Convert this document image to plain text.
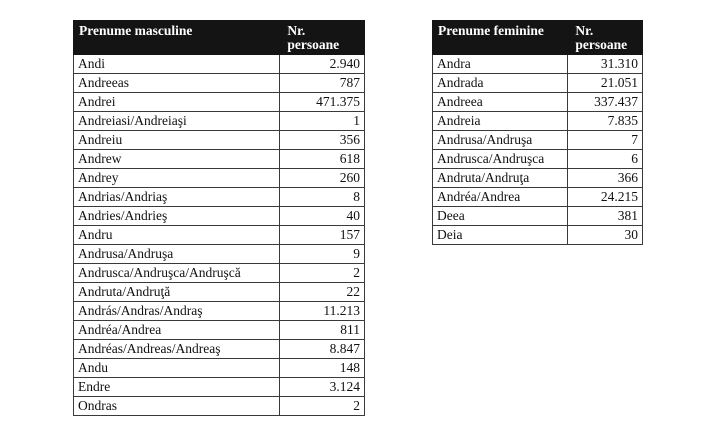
Prenume masculine	Nr.
persoane
Andi	2.940
Andreeas	787
Andrei	471.375
Andreiasi/Andreiaşi	1
Andreiu	356
Andrew	618
Andrey	260
Andrias/Andriaş	8
Andries/Andrieş	40
Andru	157
Andrusa/Andruşa	9
Andrusca/Andruşca/Andruşcă	2
Andruta/Andruţă	22
András/Andras/Andraş	11.213
Andréa/Andrea	811
Andréas/Andreas/Andreaş	8.847
Andu	148
Endre	3.124
Ondras	2
Prenume feminine	Nr.
persoane
Andra	31.310
Andrada	21.051
Andreea	337.437
Andreia	7.835
Andrusa/Andruşa	7
Andrusca/Andruşca	6
Andruta/Andruţa	366
Andréa/Andrea	24.215
Deea	381
Deia	30
